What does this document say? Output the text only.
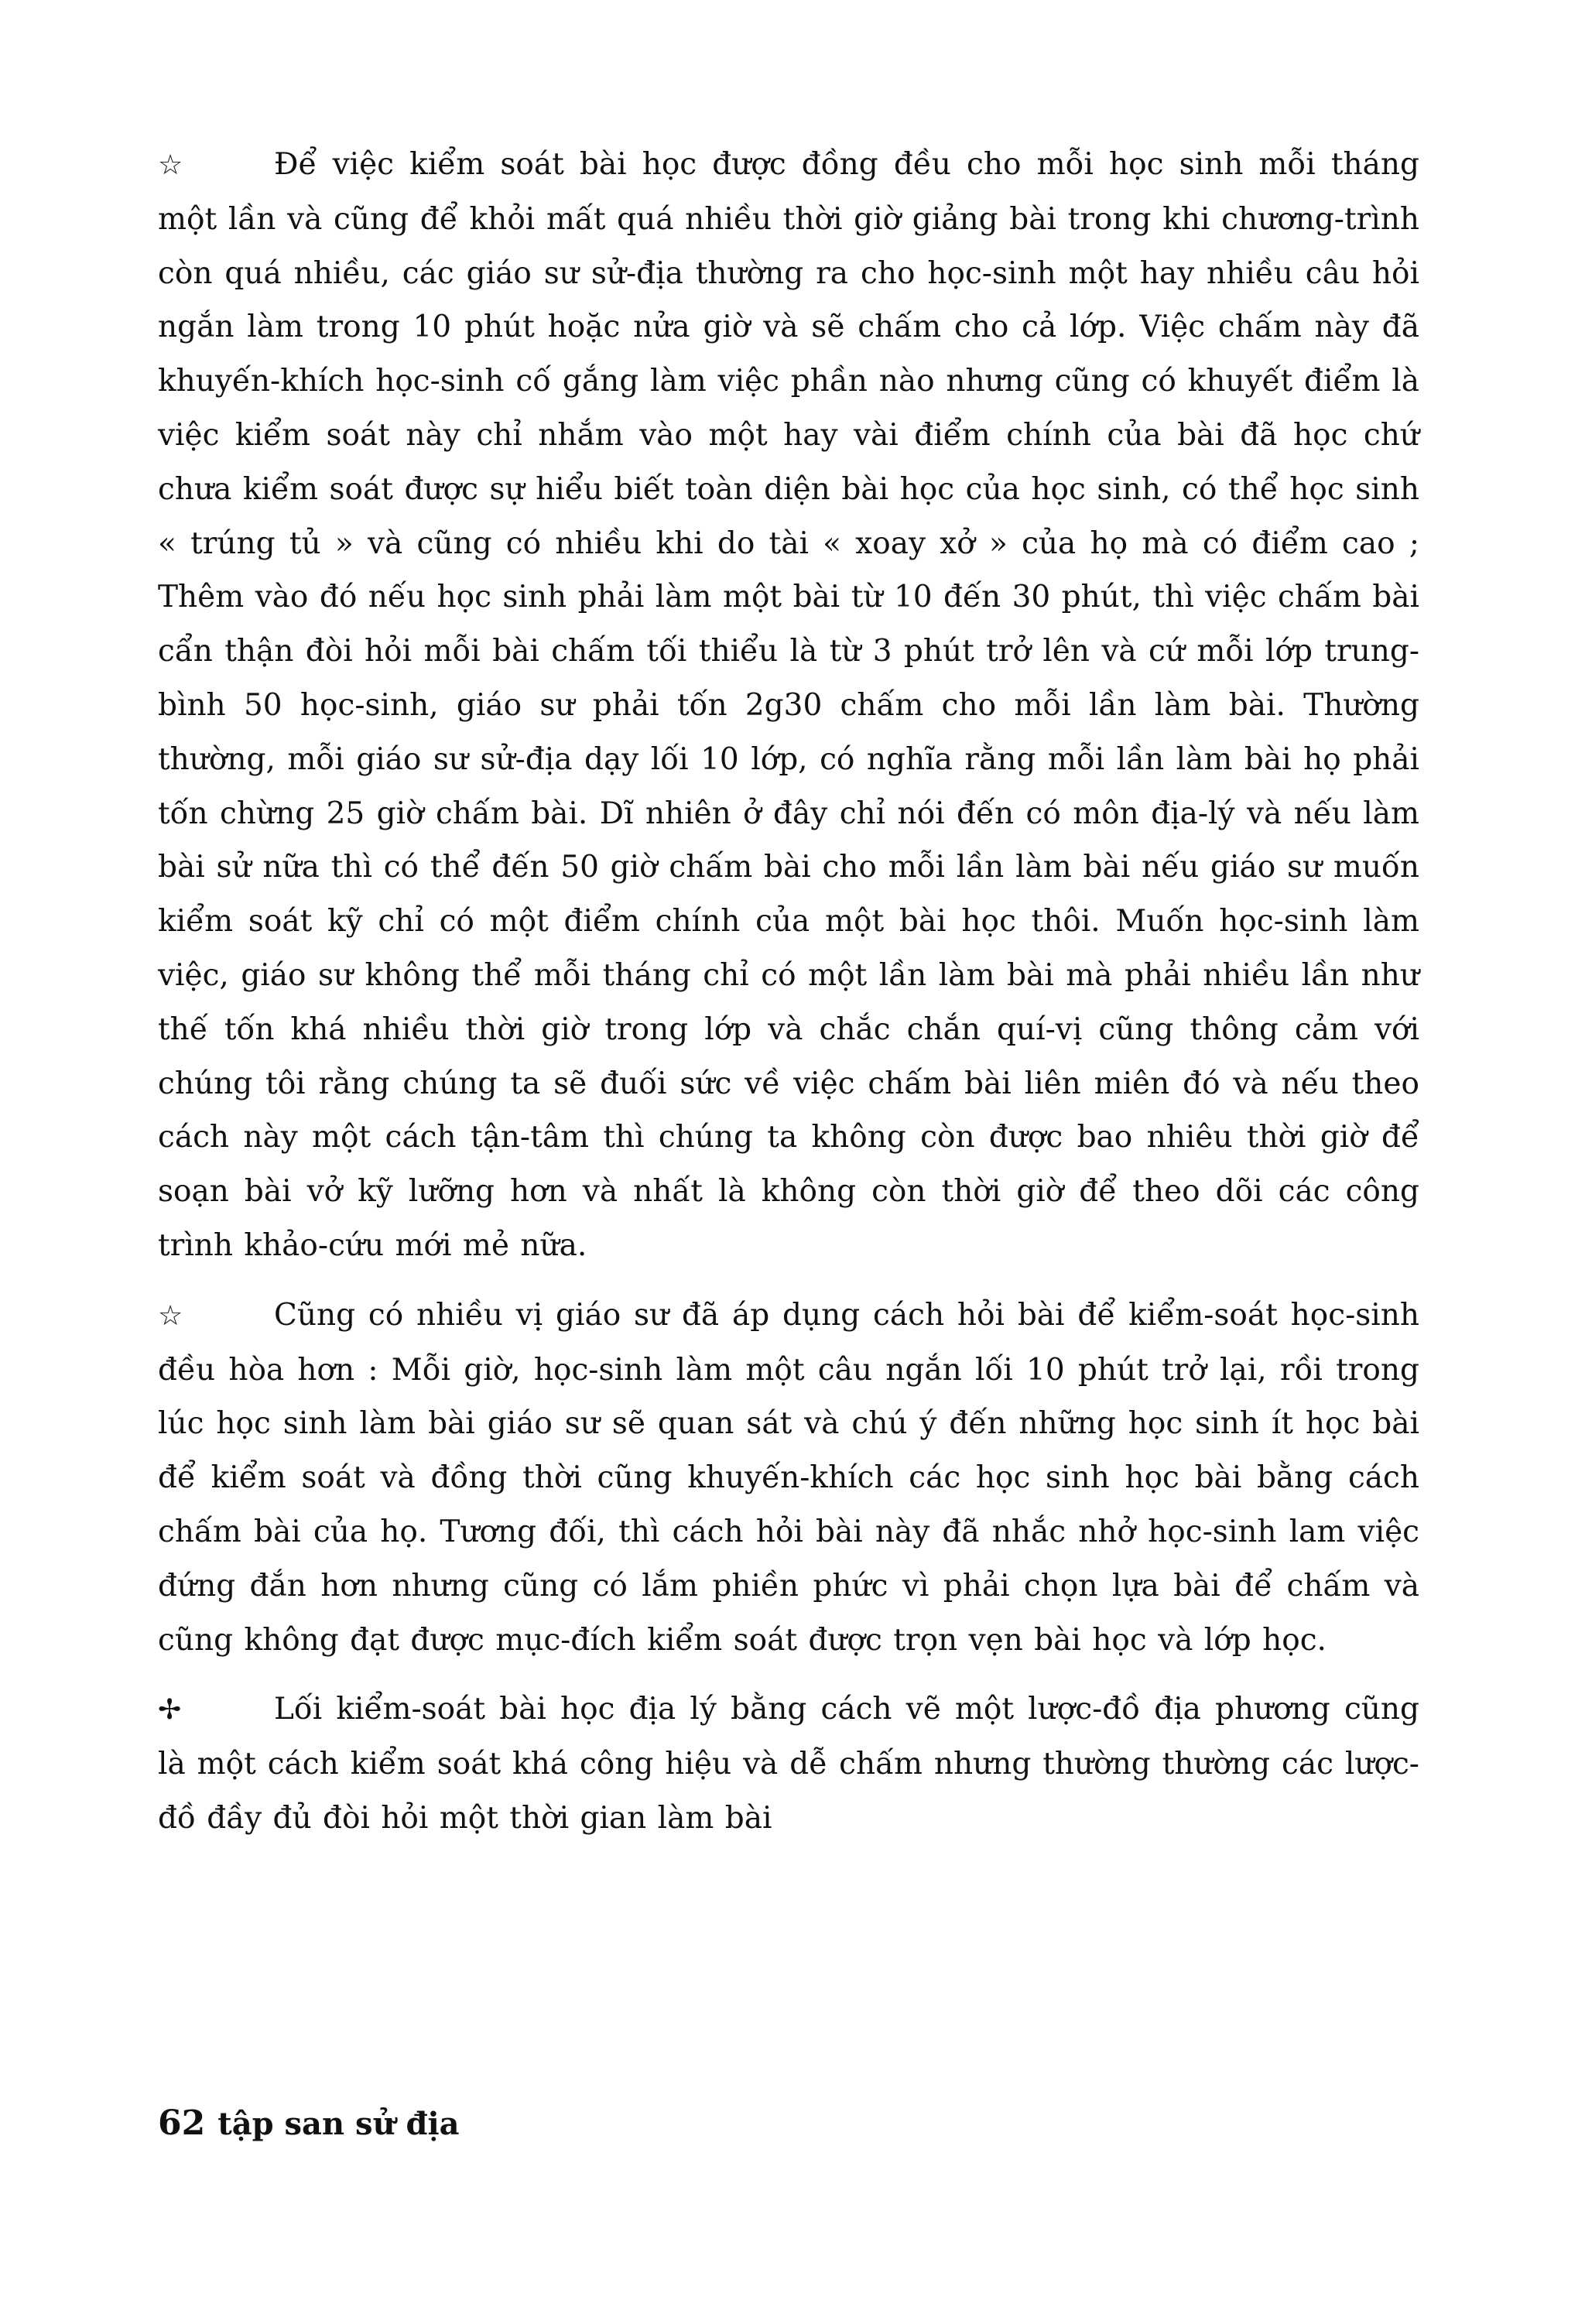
☆	Để việc kiểm soát bài học được đồng đều cho mỗi học sinh mỗi tháng một lần và cũng để khỏi mất quá nhiều thời giờ giảng bài trong khi chương-trình còn quá nhiều, các giáo sư sử-địa thường ra cho học-sinh một hay nhiều câu hỏi ngắn làm trong 10 phút hoặc nửa giờ và sẽ chấm cho cả lớp. Việc chấm này đã khuyến-khích học-sinh cố gắng làm việc phần nào nhưng cũng có khuyết điểm là việc kiểm soát này chỉ nhắm vào một hay vài điểm chính của bài đã học chứ chưa kiểm soát được sự hiểu biết toàn diện bài học của học sinh, có thể học sinh « trúng tủ » và cũng có nhiều khi do tài « xoay xở » của họ mà có điểm cao ; Thêm vào đó nếu học sinh phải làm một bài từ 10 đến 30 phút, thì việc chấm bài cẩn thận đòi hỏi mỗi bài chấm tối thiểu là từ 3 phút trở lên và cứ mỗi lớp trung-bình 50 học-sinh, giáo sư phải tốn 2g30 chấm cho mỗi lần làm bài. Thường thường, mỗi giáo sư sử-địa dạy lối 10 lớp, có nghĩa rằng mỗi lần làm bài họ phải tốn chừng 25 giờ chấm bài. Dĩ nhiên ở đây chỉ nói đến có môn địa-lý và nếu làm bài sử nữa thì có thể đến 50 giờ chấm bài cho mỗi lần làm bài nếu giáo sư muốn kiểm soát kỹ chỉ có một điểm chính của một bài học thôi. Muốn học-sinh làm việc, giáo sư không thể mỗi tháng chỉ có một lần làm bài mà phải nhiều lần như thế tốn khá nhiều thời giờ trong lớp và chắc chắn quí-vị cũng thông cảm với chúng tôi rằng chúng ta sẽ đuối sức về việc chấm bài liên miên đó và nếu theo cách này một cách tận-tâm thì chúng ta không còn được bao nhiêu thời giờ để soạn bài vở kỹ lưỡng hơn và nhất là không còn thời giờ để theo dõi các công trình khảo-cứu mới mẻ nữa.

☆	Cũng có nhiều vị giáo sư đã áp dụng cách hỏi bài để kiểm-soát học-sinh đều hòa hơn : Mỗi giờ, học-sinh làm một câu ngắn lối 10 phút trở lại, rồi trong lúc học sinh làm bài giáo sư sẽ quan sát và chú ý đến những học sinh ít học bài để kiểm soát và đồng thời cũng khuyến-khích các học sinh học bài bằng cách chấm bài của họ. Tương đối, thì cách hỏi bài này đã nhắc nhở học-sinh lam việc đứng đắn hơn nhưng cũng có lắm phiền phức vì phải chọn lựa bài để chấm và cũng không đạt được mục-đích kiểm soát được trọn vẹn bài học và lớp học.

✢	Lối kiểm-soát bài học địa lý bằng cách vẽ một lược-đồ địa phương cũng là một cách kiểm soát khá công hiệu và dễ chấm nhưng thường thường các lược-đồ đầy đủ đòi hỏi một thời gian làm bài

62 tập san sử địa
